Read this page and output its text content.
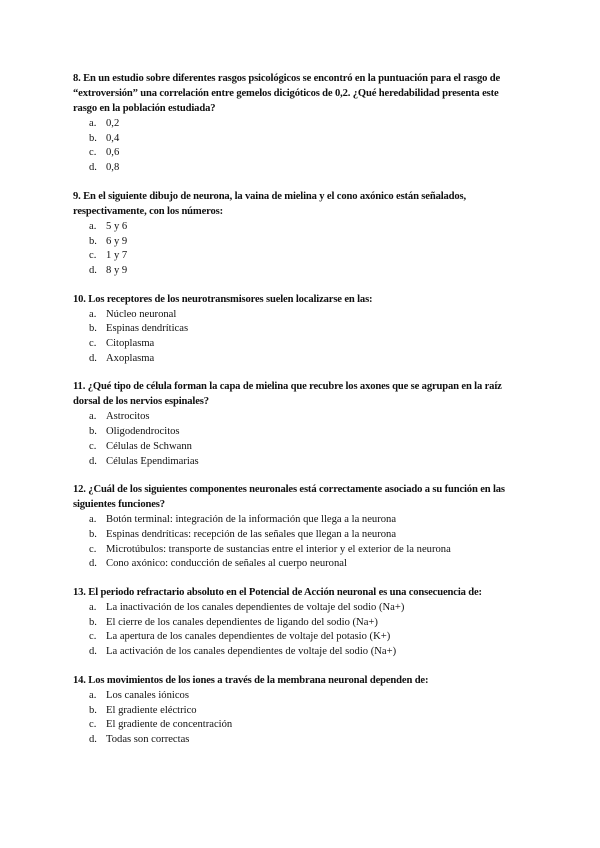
8. En un estudio sobre diferentes rasgos psicológicos se encontró en la puntuación para el rasgo de “extroversión” una correlación entre gemelos dicigóticos de 0,2. ¿Qué heredabilidad presenta este rasgo en la población estudiada?

a. 0,2
b. 0,4
c. 0,6
d. 0,8

9. En el siguiente dibujo de neurona, la vaina de mielina y el cono axónico están señalados, respectivamente, con los números:

a. 5 y 6
b. 6 y 9
c. 1 y 7
d. 8 y 9

10. Los receptores de los neurotransmisores suelen localizarse en las:

a. Núcleo neuronal
b. Espinas dendríticas
c. Citoplasma
d. Axoplasma

11. ¿Qué tipo de célula forman la capa de mielina que recubre los axones que se agrupan en la raíz dorsal de los nervios espinales?

a. Astrocitos
b. Oligodendrocitos
c. Células de Schwann
d. Células Ependimarias

12. ¿Cuál de los siguientes componentes neuronales está correctamente asociado a su función en las siguientes funciones?

a. Botón terminal: integración de la información que llega a la neurona
b. Espinas dendríticas: recepción de las señales que llegan a la neurona
c. Microtúbulos: transporte de sustancias entre el interior y el exterior de la neurona
d. Cono axónico: conducción de señales al cuerpo neuronal

13. El periodo refractario absoluto en el Potencial de Acción neuronal es una consecuencia de:

a. La inactivación de los canales dependientes de voltaje del sodio (Na+)
b. El cierre de los canales dependientes de ligando del sodio (Na+)
c. La apertura de los canales dependientes de voltaje del potasio (K+)
d. La activación de los canales dependientes de voltaje del sodio (Na+)

14. Los movimientos de los iones a través de la membrana neuronal dependen de:

a. Los canales iónicos
b. El gradiente eléctrico
c. El gradiente de concentración
d. Todas son correctas
